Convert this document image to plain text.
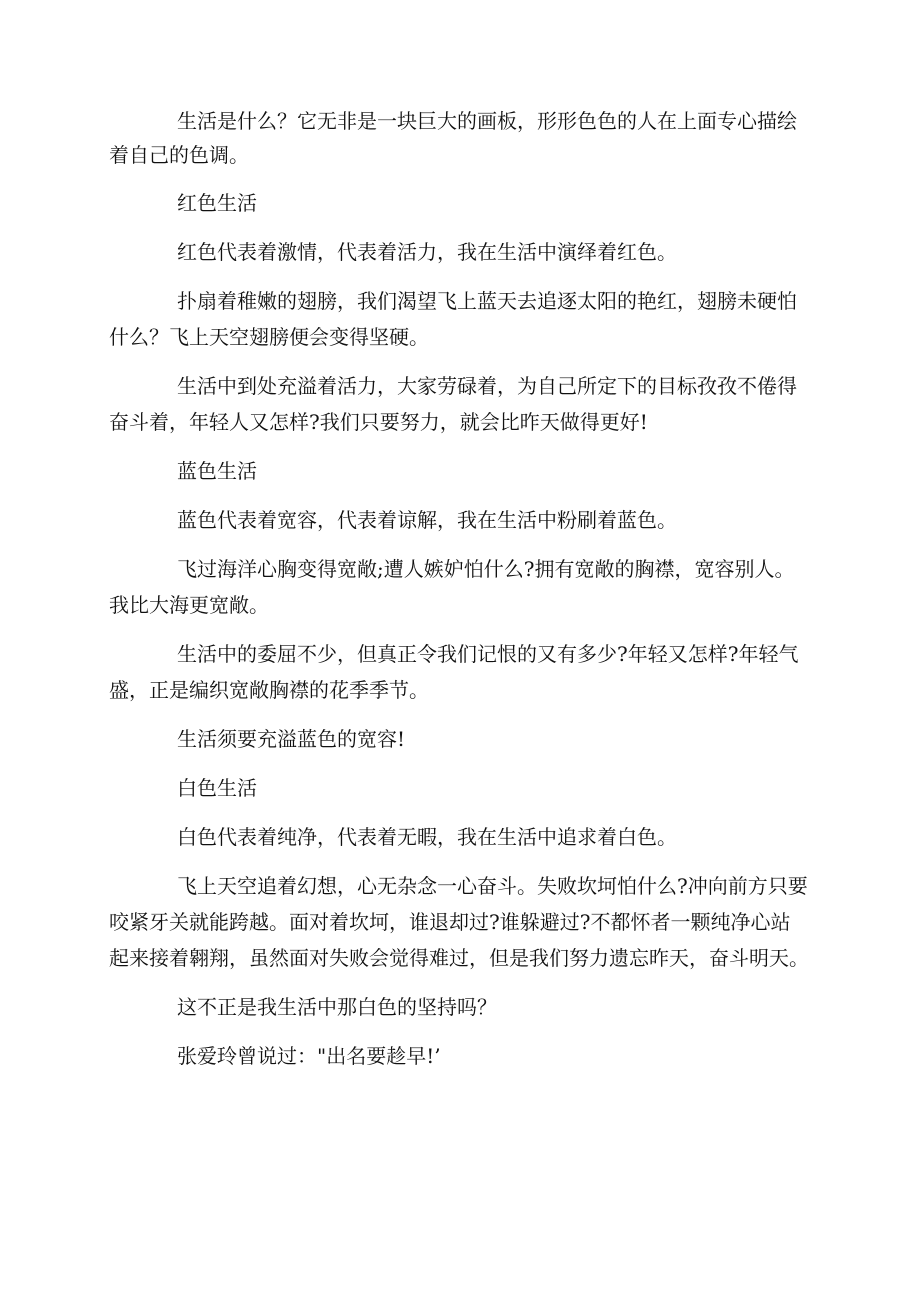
生活是什么？它无非是一块巨大的画板，形形色色的人在上面专心描绘着自己的色调。

红色生活

红色代表着激情，代表着活力，我在生活中演绎着红色。

扑扇着稚嫩的翅膀，我们渴望飞上蓝天去追逐太阳的艳红，翅膀未硬怕什么？飞上天空翅膀便会变得坚硬。

生活中到处充溢着活力，大家劳碌着，为自己所定下的目标孜孜不倦得奋斗着，年轻人又怎样?我们只要努力，就会比昨天做得更好!

蓝色生活

蓝色代表着宽容，代表着谅解，我在生活中粉刷着蓝色。

飞过海洋心胸变得宽敞;遭人嫉妒怕什么?拥有宽敞的胸襟，宽容别人。我比大海更宽敞。

生活中的委屈不少，但真正令我们记恨的又有多少?年轻又怎样?年轻气盛，正是编织宽敞胸襟的花季季节。

生活须要充溢蓝色的宽容!

白色生活

白色代表着纯净，代表着无暇，我在生活中追求着白色。

飞上天空追着幻想，心无杂念一心奋斗。失败坎坷怕什么?冲向前方只要咬紧牙关就能跨越。面对着坎坷，谁退却过?谁躲避过?不都怀者一颗纯净心站起来接着翱翔，虽然面对失败会觉得难过，但是我们努力遗忘昨天，奋斗明天。

这不正是我生活中那白色的坚持吗？

张爱玲曾说过："出名要趁早!’
